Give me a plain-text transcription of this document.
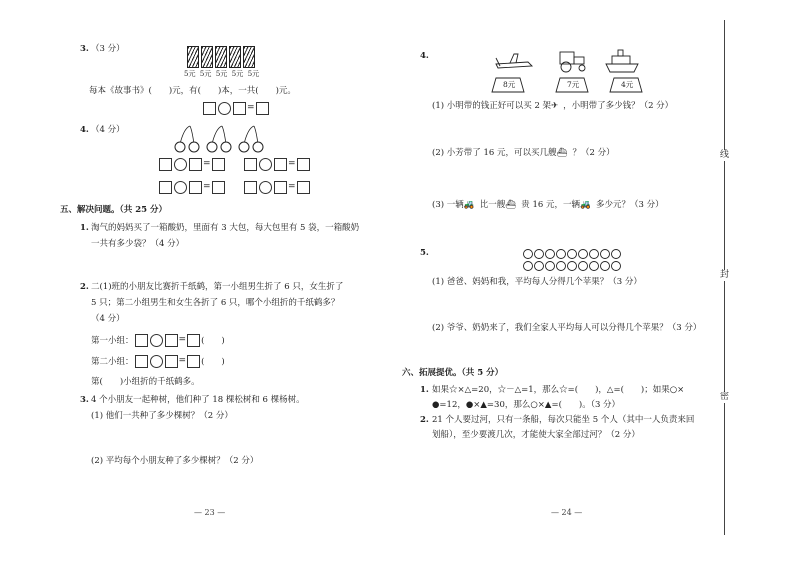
3. （3 分）
5元 5元 5元 5元 5元
每本《故事书》(　　)元，有(　　)本，一共(　　)元。
=
4. （4 分）
=	=
=	=
五、解决问题。（共 25 分）
1. 淘气的妈妈买了一箱酸奶，里面有 3 大包，每大包里有 5 袋，一箱酸奶
一共有多少袋？（4 分）
2. 二(1)班的小朋友比赛折千纸鹤，第一小组男生折了 6 只，女生折了
5 只；第二小组男生和女生各折了 6 只，哪个小组折的千纸鹤多？
（4 分）
第一小组：	= (　　)
第二小组：	= (　　)
第(　　)小组折的千纸鹤多。
3. 4 个小朋友一起种树，他们种了 18 棵松树和 6 棵杨树。
(1) 他们一共种了多少棵树？（2 分）
(2) 平均每个小朋友种了多少棵树？（2 分）
— 23 —
4.
8元	7元	4元
(1) 小明带的钱正好可以买 2 架✈ ，小明带了多少钱？（2 分）
(2) 小芳带了 16 元，可以买几艘⛴ ？（2 分）
(3) 一辆🚜 比一艘⛴ 贵 16 元，一辆🚜 多少元？（3 分）
5.
(1) 爸爸、妈妈和我，平均每人分得几个苹果？（3 分）
(2) 爷爷、奶奶来了，我们全家人平均每人可以分得几个苹果？（3 分）
六、拓展提优。（共 5 分）
1. 如果☆×△=20，☆－△=1，那么☆=(　　)，△=(　　)；如果○×
●=12，●×▲=30，那么○×▲=(　　)。（3 分）
2. 21 个人要过河，只有一条船，每次只能坐 5 个人（其中一人负责来回
划船），至少要渡几次，才能使大家全部过河？（2 分）
— 24 —
线
封
密
